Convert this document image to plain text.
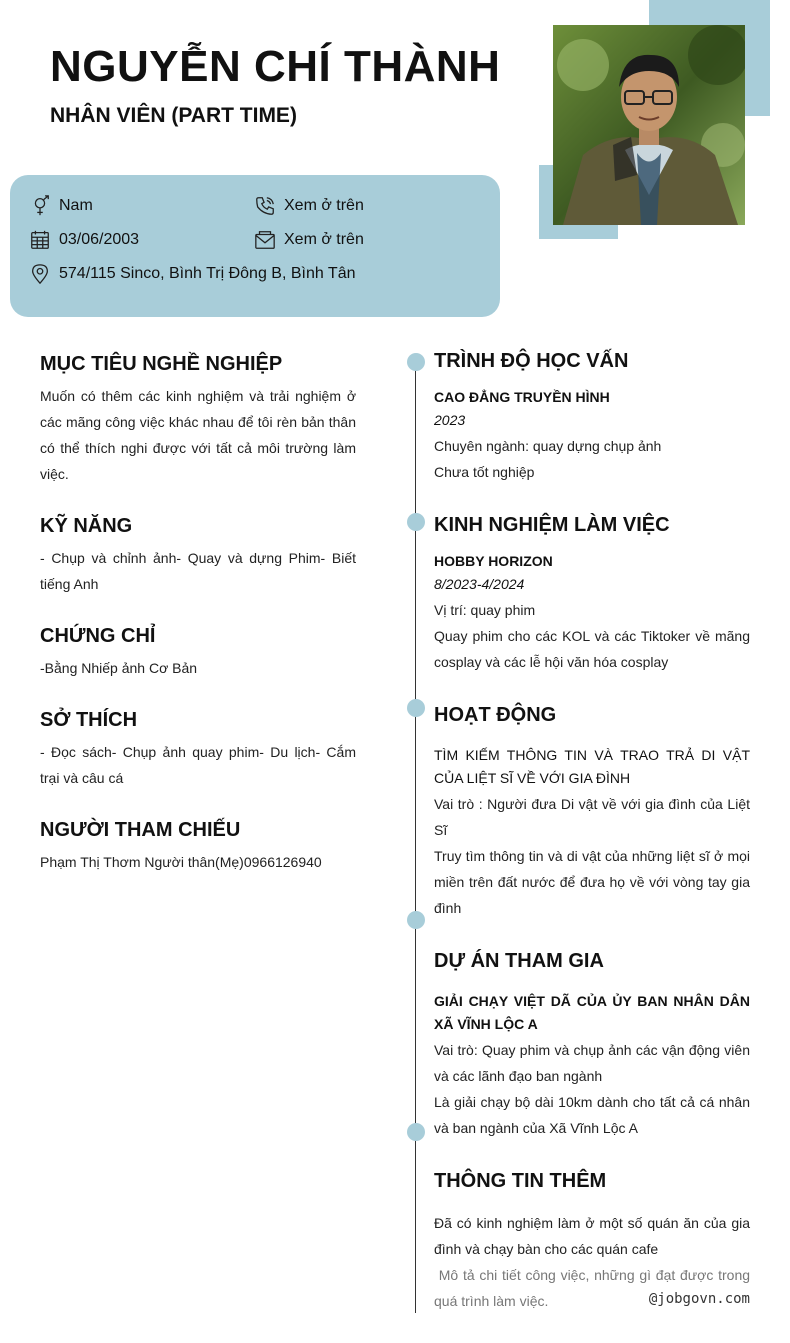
NGUYỄN CHÍ THÀNH
NHÂN VIÊN (PART TIME)
Nam	Xem ở trên
03/06/2003	Xem ở trên
574/115 Sinco, Bình Trị Đông B, Bình Tân
MỤC TIÊU NGHỀ NGHIỆP
Muốn có thêm các kinh nghiệm và trải nghiệm ở các mãng công việc khác nhau để tôi rèn bản thân có thể thích nghi được với tất cả môi trường làm việc.
KỸ NĂNG
- Chụp và chỉnh ảnh- Quay và dựng Phim- Biết tiếng Anh
CHỨNG CHỈ
-Bằng Nhiếp ảnh Cơ Bản
SỞ THÍCH
- Đọc sách- Chụp ảnh quay phim- Du lịch- Cắm trại và câu cá
NGƯỜI THAM CHIẾU
Phạm Thị Thơm Người thân(Mẹ)0966126940
TRÌNH ĐỘ HỌC VẤN
CAO ĐẲNG TRUYỀN HÌNH
2023
Chuyên ngành: quay dựng chụp ảnh
Chưa tốt nghiệp
KINH NGHIỆM LÀM VIỆC
HOBBY HORIZON
8/2023-4/2024
Vị trí: quay phim
Quay phim cho các KOL và các Tiktoker về mãng cosplay và các lễ hội văn hóa cosplay
HOẠT ĐỘNG
TÌM KIẾM THÔNG TIN VÀ TRAO TRẢ DI VẬT CỦA LIỆT SĨ VỀ VỚI GIA ĐÌNH
Vai trò : Người đưa Di vật về với gia đình của Liệt Sĩ
Truy tìm thông tin và di vật của những liệt sĩ ở mọi miền trên đất nước để đưa họ về với vòng tay gia đình
DỰ ÁN THAM GIA
GIẢI CHẠY VIỆT DÃ CỦA ỦY BAN NHÂN DÂN XÃ VĨNH LỘC A
Vai trò: Quay phim và chụp ảnh các vận động viên và các lãnh đạo ban ngành
Là giải chạy bộ dài 10km dành cho tất cả cá nhân và ban ngành của Xã Vĩnh Lộc A
THÔNG TIN THÊM
Đã có kinh nghiệm làm ở một số quán ăn của gia đình và chạy bàn cho các quán cafe
Mô tả chi tiết công việc, những gì đạt được trong quá trình làm việc.	@jobgovn.com
